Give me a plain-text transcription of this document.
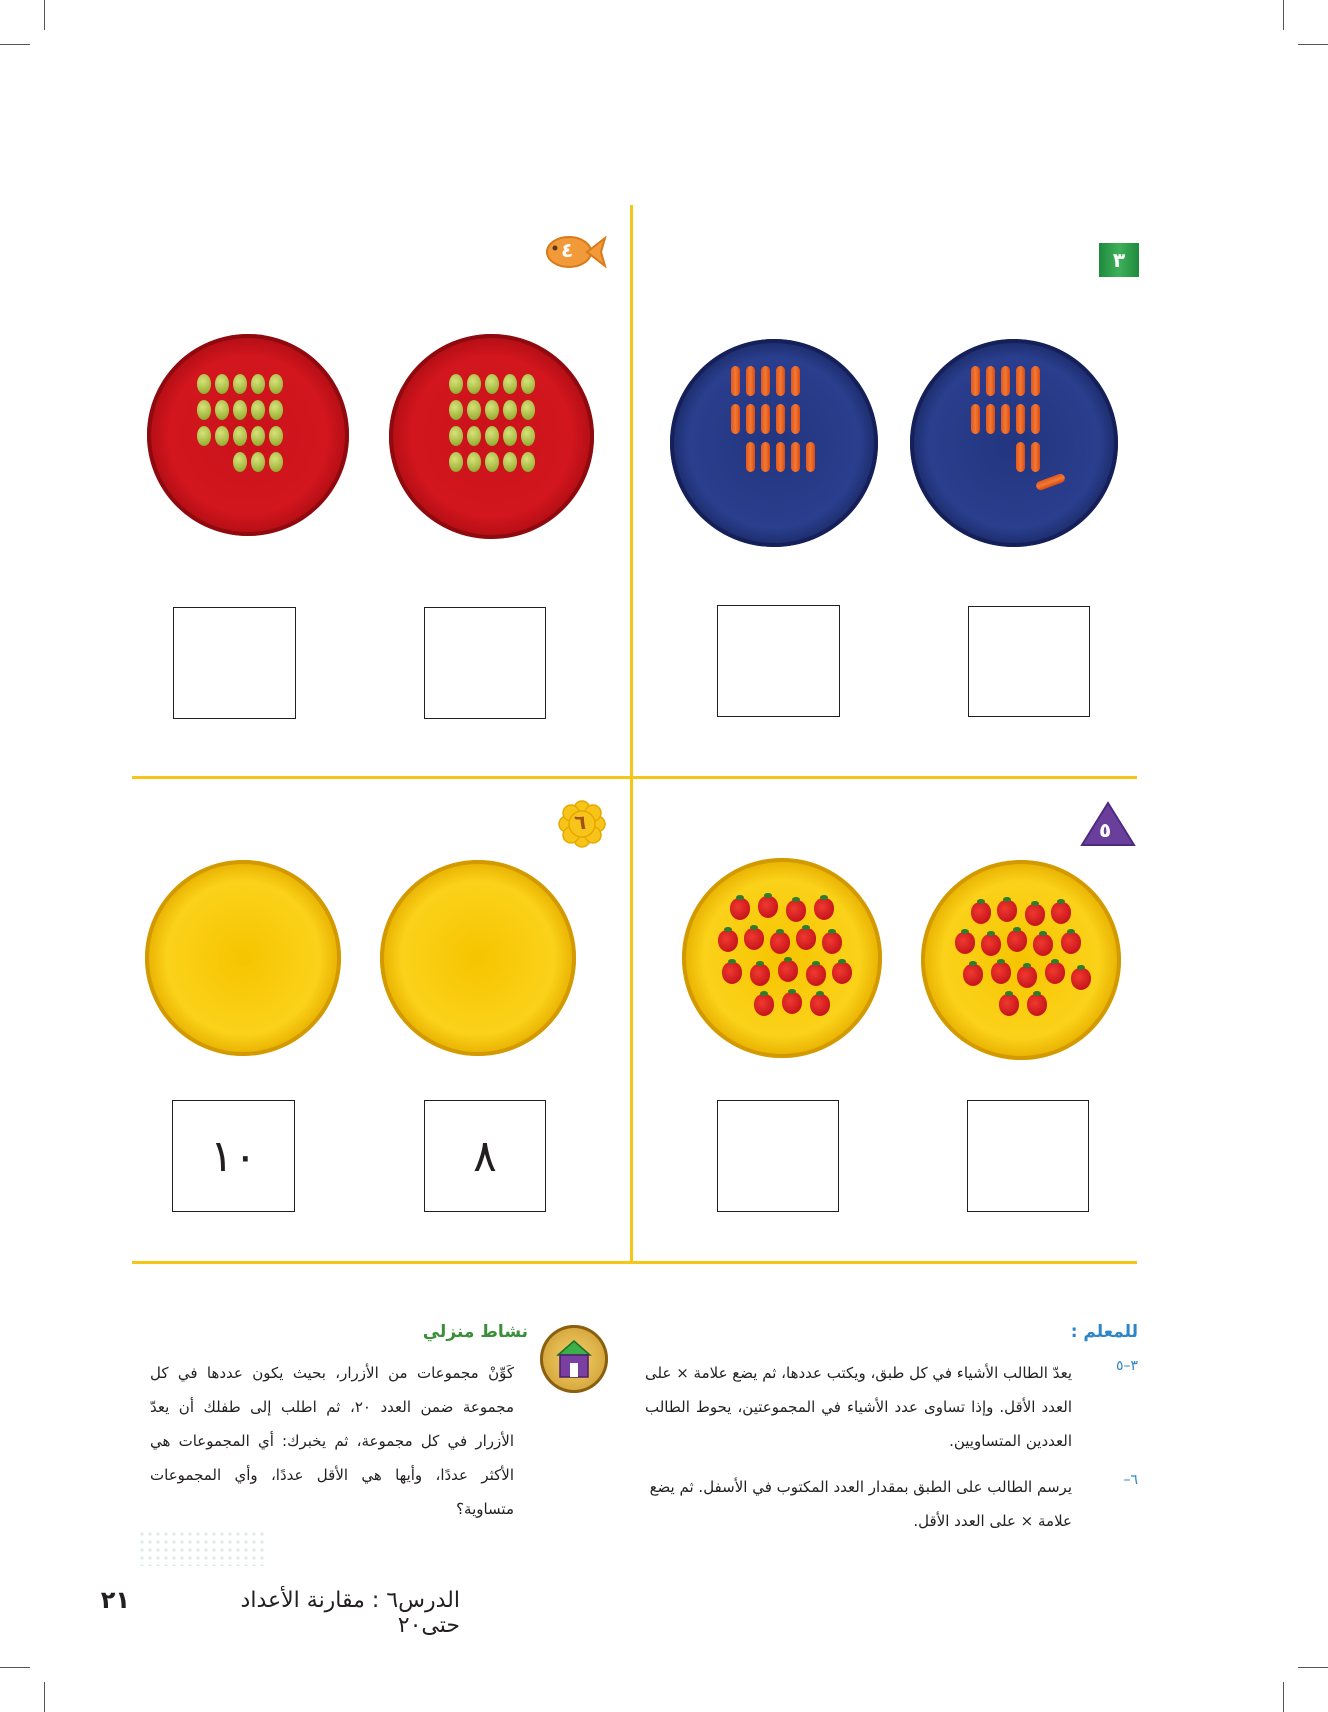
٣
٤
٥
٦
٨
١٠
للمعلم :
٣–٥
يعدّ الطالب الأشياء في كل طبق، ويكتب عددها، ثم يضع علامة × على العدد الأقل. وإذا تساوى عدد الأشياء في المجموعتين، يحوط الطالب العددين المتساويين.
٦–
يرسم الطالب على الطبق بمقدار العدد المكتوب في الأسفل. ثم يضع علامة × على العدد الأقل.
نشاط منزلي
كَوِّنْ مجموعات من الأزرار، بحيث يكون عددها في كل مجموعة ضمن العدد ٢٠، ثم اطلب إلى طفلك أن يعدّ الأزرار في كل مجموعة، ثم يخبرك: أي المجموعات هي الأكثر عددًا، وأيها هي الأقل عددًا، وأي المجموعات متساوية؟
الدرس٦ : مقارنة الأعداد حتى٢٠
٢١
